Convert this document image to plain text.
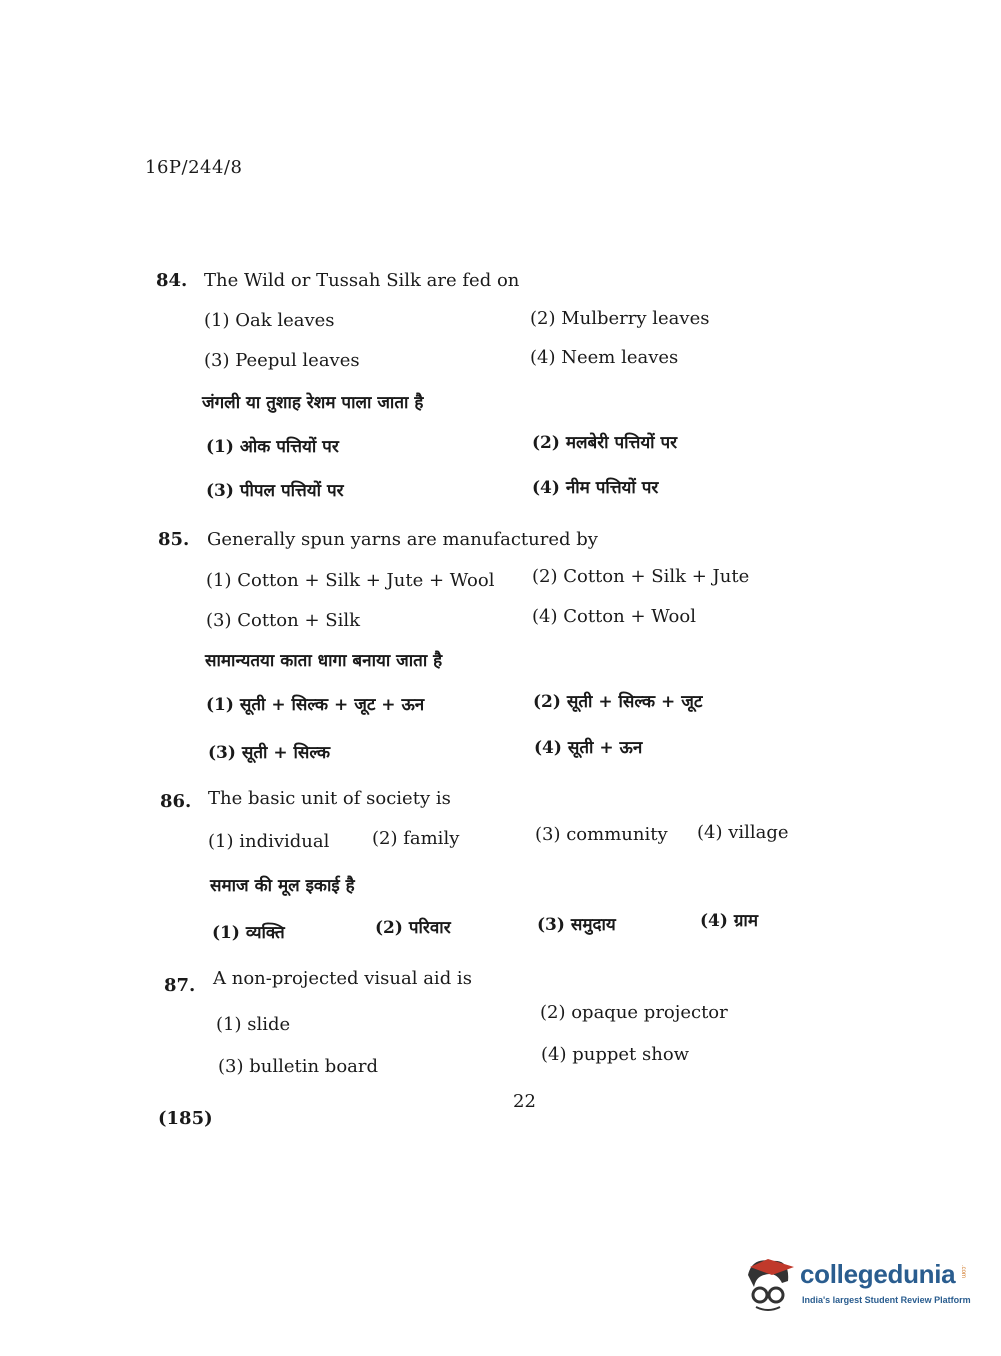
16P/244/8
84. The Wild or Tussah Silk are fed on
(1) Oak leaves	(2) Mulberry leaves
(3) Peepul leaves	(4) Neem leaves
जंगली या तुशाह रेशम पाला जाता है
(1) ओक पत्तियों पर	(2) मलबेरी पत्तियों पर
(3) पीपल पत्तियों पर	(4) नीम पत्तियों पर
85. Generally spun yarns are manufactured by
(1) Cotton + Silk + Jute + Wool (2) Cotton + Silk + Jute
(3) Cotton + Silk	(4) Cotton + Wool
सामान्यतया काता धागा बनाया जाता है
(1) सूती + सिल्क + जूट + ऊन	(2) सूती + सिल्क + जूट
(3) सूती + सिल्क	(4) सूती + ऊन
86. The basic unit of society is
(1) individual (2) family	(3) community (4) village
समाज की मूल इकाई है
(1) व्यक्ति	(2) परिवार	(3) समुदाय	(4) ग्राम
87. A non-projected visual aid is
(1) slide
(2) opaque projector
(3) bulletin board
(4) puppet show
22
(185)
collegedunia .com
India's largest Student Review Platform
